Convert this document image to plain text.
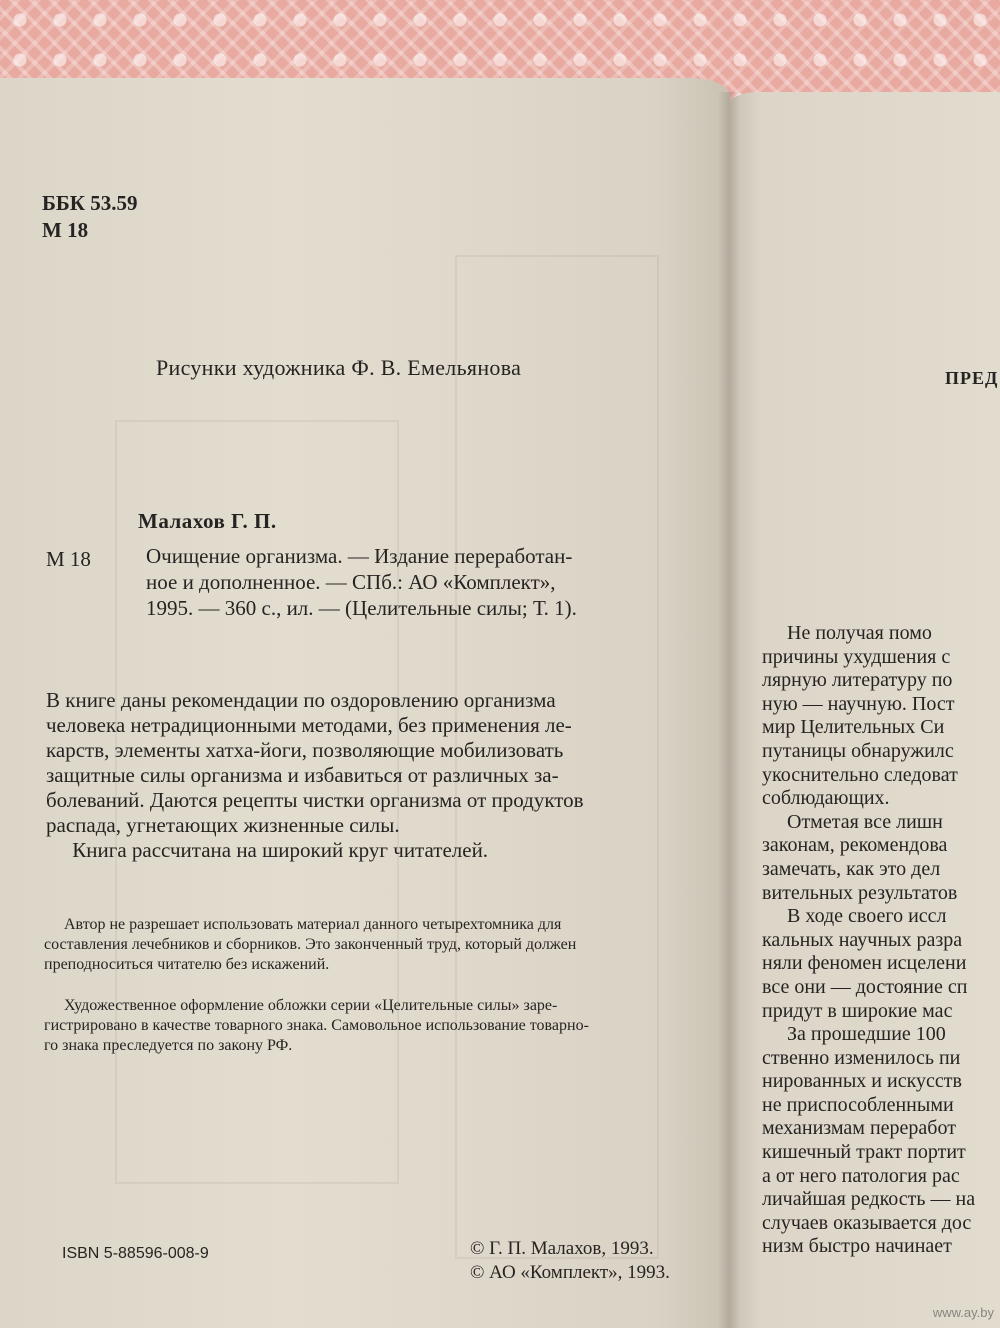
ББК 53.59
М 18
Рисунки художника Ф. В. Емельянова
Малахов Г. П.
М 18	Очищение организма. — Издание переработан-
ное и дополненное. — СПб.: АО «Комплект»,
1995. — 360 с., ил. — (Целительные силы; Т. 1).
В книге даны рекомендации по оздоровлению организма
человека нетрадиционными методами, без применения ле-
карств, элементы хатха-йоги, позволяющие мобилизовать
защитные силы организма и избавиться от различных за-
болеваний. Даются рецепты чистки организма от продуктов
распада, угнетающих жизненные силы.
Книга рассчитана на широкий круг читателей.
Автор не разрешает использовать материал данного четырехтомника для
составления лечебников и сборников. Это законченный труд, который должен
преподноситься читателю без искажений.
Художественное оформление обложки серии «Целительные силы» заре-
гистрировано в качестве товарного знака. Самовольное использование товарно-
го знака преследуется по закону РФ.
ISBN 5-88596-008-9	© Г. П. Малахов, 1993.
© АО «Комплект», 1993.
ПРЕД
Не получая помо
причины ухудшения с
лярную литературу по
ную — научную. Пост
мир Целительных Си
путаницы обнаружилс
укоснительно следоват
соблюдающих.
Отметая все лишн
законам, рекомендова
замечать, как это дел
вительных результатов
В ходе своего иссл
кальных научных разра
няли феномен исцелени
все они — достояние сп
придут в широкие мас
За прошедшие 100
ственно изменилось пи
нированных и искусств
не приспособленными
механизмам переработ
кишечный тракт портит
а от него патология рас
личайшая редкость — на
случаев оказывается дос
низм быстро начинает
www.ay.by
